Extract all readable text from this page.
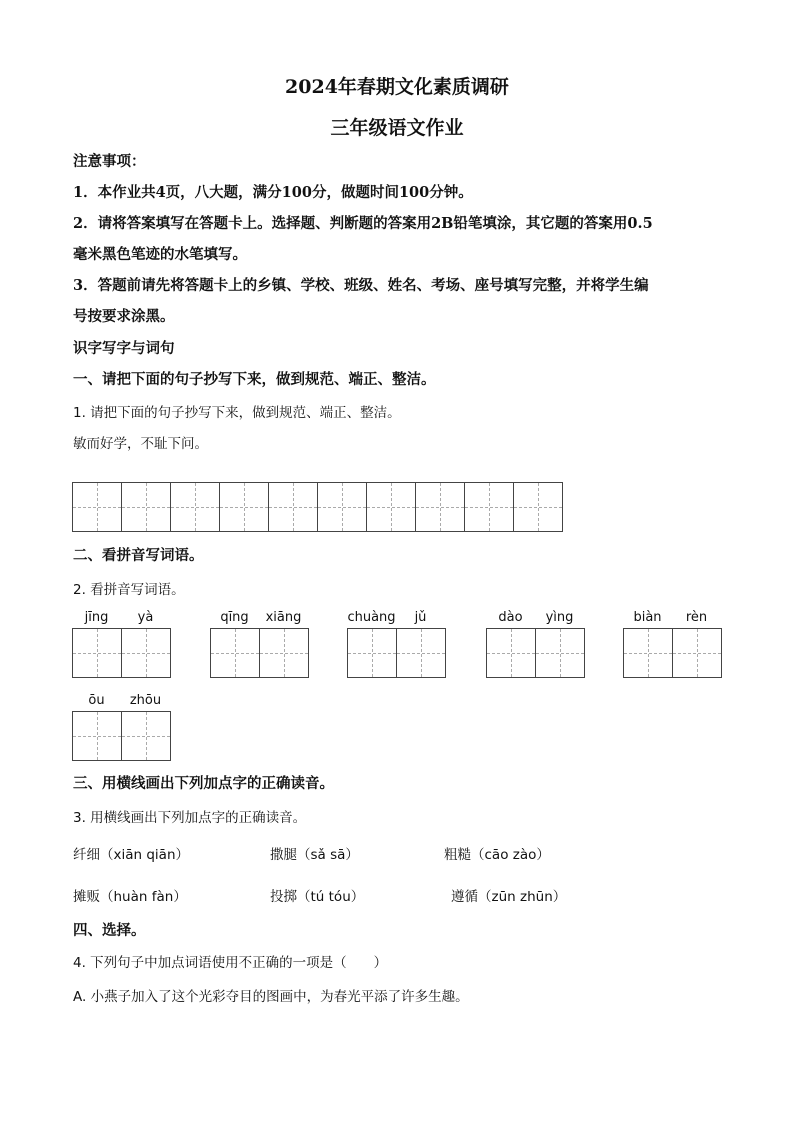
2024年春期文化素质调研
三年级语文作业
注意事项：
1．本作业共4页，八大题，满分100分，做题时间100分钟。
2．请将答案填写在答题卡上。选择题、判断题的答案用2B铅笔填涂，其它题的答案用0.5
毫米黑色笔迹的水笔填写。
3．答题前请先将答题卡上的乡镇、学校、班级、姓名、考场、座号填写完整，并将学生编
号按要求涂黑。
识字写字与词句
一、请把下面的句子抄写下来，做到规范、端正、整洁。
1. 请把下面的句子抄写下来，做到规范、端正、整洁。
敏而好学，不耻下问。
二、看拼音写词语。
2. 看拼音写词语。
jīng	yà	qīng	xiāng	chuàng	jǔ	dào	yìng	biàn	rèn
ōu	zhōu
三、用横线画出下列加点字的正确读音。
3. 用横线画出下列加点字的正确读音。
纤细（xiān qiān）	撒腿（sǎ sā）	粗糙（cāo zào）
摊贩（huàn fàn）	投掷（tú tóu）	遵循（zūn zhūn）
四、选择。
4. 下列句子中加点词语使用不正确的一项是（　　）
A. 小燕子加入了这个光彩夺目的图画中，为春光平添了许多生趣。
